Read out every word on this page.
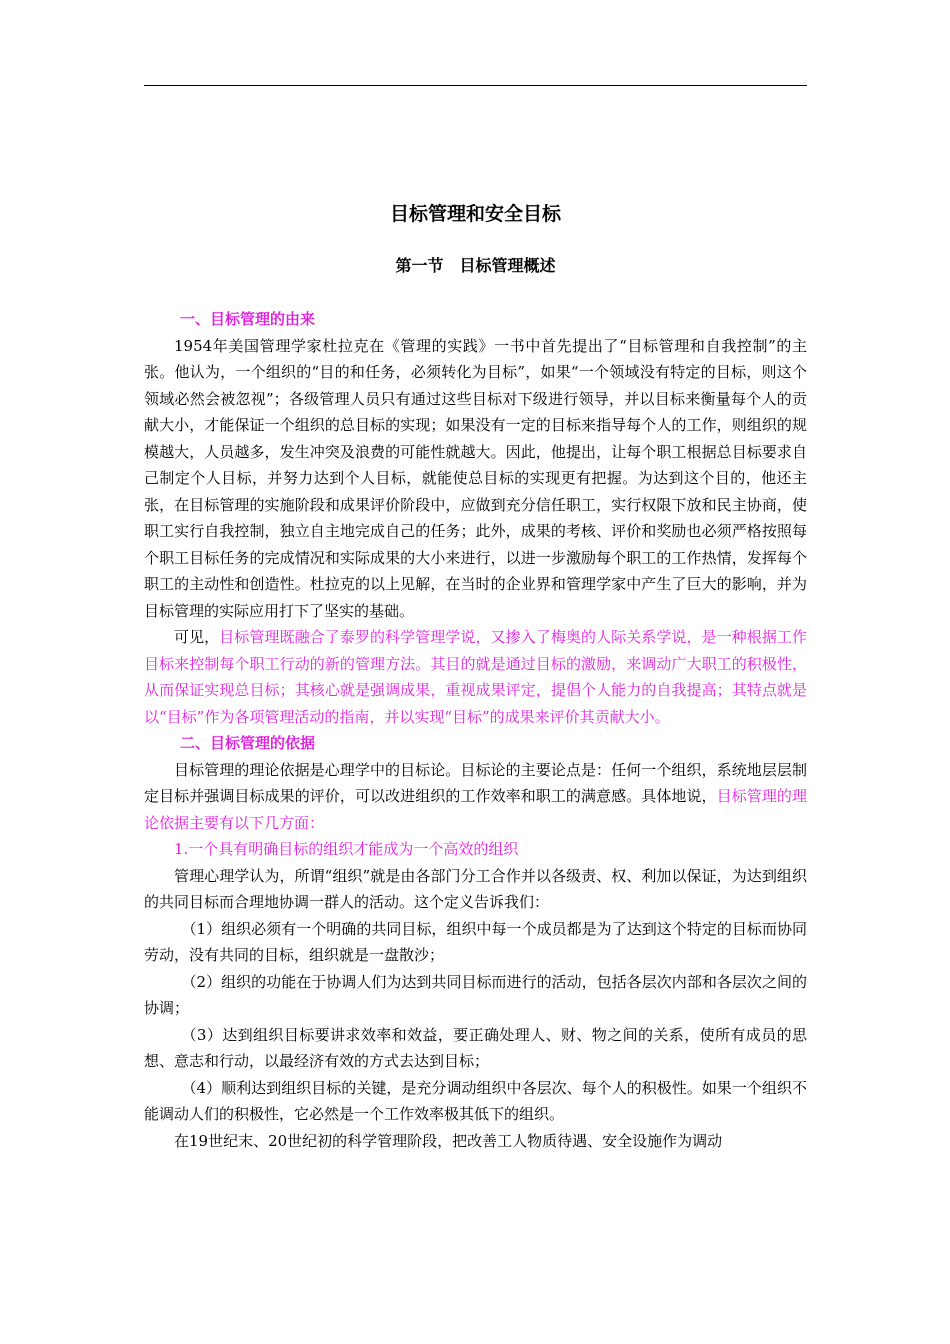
目标管理和安全目标
第一节　目标管理概述
一、目标管理的由来

1954年美国管理学家杜拉克在《管理的实践》一书中首先提出了“目标管理和自我控制”的主张。他认为，一个组织的“目的和任务，必须转化为目标”，如果“一个领域没有特定的目标，则这个领域必然会被忽视”；各级管理人员只有通过这些目标对下级进行领导，并以目标来衡量每个人的贡献大小，才能保证一个组织的总目标的实现；如果没有一定的目标来指导每个人的工作，则组织的规模越大，人员越多，发生冲突及浪费的可能性就越大。因此，他提出，让每个职工根据总目标要求自己制定个人目标，并努力达到个人目标，就能使总目标的实现更有把握。为达到这个目的，他还主张，在目标管理的实施阶段和成果评价阶段中，应做到充分信任职工，实行权限下放和民主协商，使职工实行自我控制，独立自主地完成自己的任务；此外，成果的考核、评价和奖励也必须严格按照每个职工目标任务的完成情况和实际成果的大小来进行，以进一步激励每个职工的工作热情，发挥每个职工的主动性和创造性。杜拉克的以上见解，在当时的企业界和管理学家中产生了巨大的影响，并为目标管理的实际应用打下了坚实的基础。

可见，目标管理既融合了泰罗的科学管理学说，又掺入了梅奥的人际关系学说，是一种根据工作目标来控制每个职工行动的新的管理方法。其目的就是通过目标的激励，来调动广大职工的积极性，从而保证实现总目标；其核心就是强调成果，重视成果评定，提倡个人能力的自我提高；其特点就是以“目标”作为各项管理活动的指南，并以实现“目标”的成果来评价其贡献大小。

二、目标管理的依据

目标管理的理论依据是心理学中的目标论。目标论的主要论点是：任何一个组织，系统地层层制定目标并强调目标成果的评价，可以改进组织的工作效率和职工的满意感。具体地说，目标管理的理论依据主要有以下几方面：

1.一个具有明确目标的组织才能成为一个高效的组织

管理心理学认为，所谓“组织”就是由各部门分工合作并以各级责、权、利加以保证，为达到组织的共同目标而合理地协调一群人的活动。这个定义告诉我们：

（1）组织必须有一个明确的共同目标，组织中每一个成员都是为了达到这个特定的目标而协同劳动，没有共同的目标，组织就是一盘散沙；

（2）组织的功能在于协调人们为达到共同目标而进行的活动，包括各层次内部和各层次之间的协调；

（3）达到组织目标要讲求效率和效益，要正确处理人、财、物之间的关系，使所有成员的思想、意志和行动，以最经济有效的方式去达到目标；

（4）顺利达到组织目标的关键，是充分调动组织中各层次、每个人的积极性。如果一个组织不能调动人们的积极性，它必然是一个工作效率极其低下的组织。

在19世纪末、20世纪初的科学管理阶段，把改善工人物质待遇、安全设施作为调动
